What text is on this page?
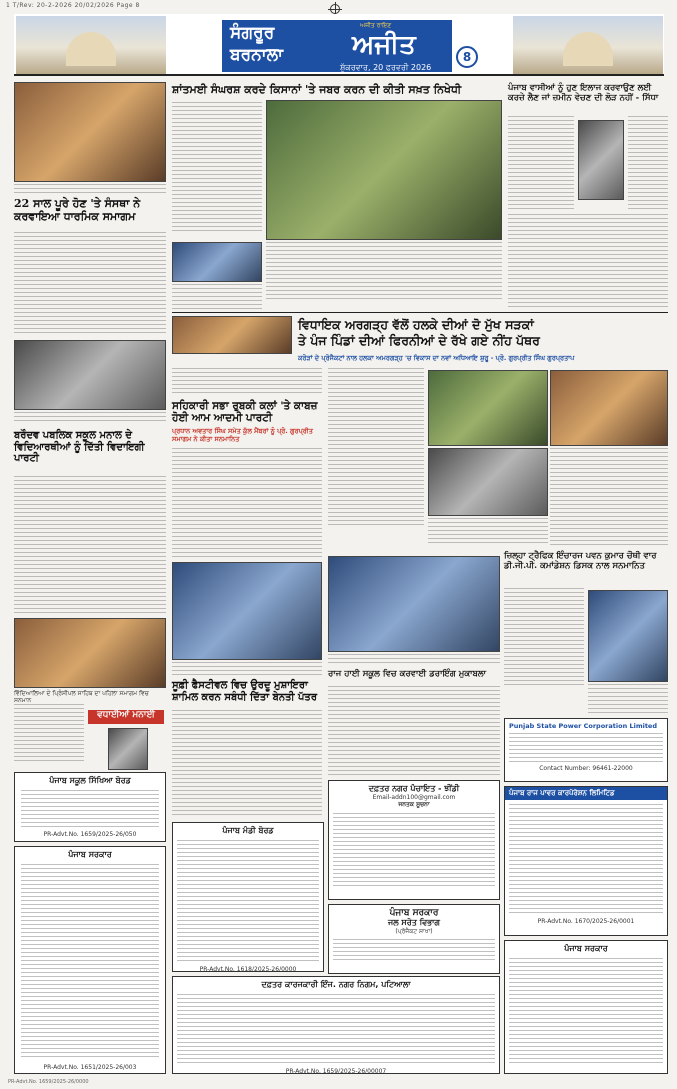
1 T/Rev: 20-2-2026 20/02/2026 Page 8
ਸੰਗਰੂਰ
ਬਰਨਾਲਾ
ਅਜੀਤ ਰਾਇਣ
ਅਜੀਤ
ਸ਼ੁੱਕਰਵਾਰ, 20 ਫਰਵਰੀ 2026
8
22 ਸਾਲ ਪੂਰੇ ਹੋਣ 'ਤੇ ਸੰਸਥਾ ਨੇ ਕਰਵਾਇਆ ਧਾਰਮਿਕ ਸਮਾਗਮ
ਬਰੌਦਵ ਪਬਲਿਕ ਸਕੂਲ ਮਨਾਲ ਦੇ ਵਿਦਿਆਰਥੀਆਂ ਨੂੰ ਦਿੱਤੀ ਵਿਦਾਇਗੀ ਪਾਰਟੀ
ਵਿੱਦਿਆਲਿਆ ਦੇ ਪ੍ਰਿੰਸੀਪਲ ਸਾਹਿਬ ਦਾ ਪਹਿਲਾ ਸਮਾਗਮ ਵਿਚ ਸਨਮਾਨ
ਵਧਾਈਆਂ ਮਨਾਈ
ਪੰਜਾਬ ਸਕੂਲ ਸਿੱਖਿਆ ਬੋਰਡ
PR-Advt.No. 1659/2025-26/050
ਪੰਜਾਬ ਸਰਕਾਰ
PR-Advt.No. 1651/2025-26/003
ਸ਼ਾਂਤਮਈ ਸੰਘਰਸ਼ ਕਰਦੇ ਕਿਸਾਨਾਂ 'ਤੇ ਜਬਰ ਕਰਨ ਦੀ ਕੀਤੀ ਸਖ਼ਤ ਨਿਖੇਧੀ	ਪੰਜਾਬ ਵਾਸੀਆਂ ਨੂੰ ਹੁਣ ਇਲਾਜ ਕਰਵਾਉਣ ਲਈ ਕਰਜ਼ੇ ਲੈਣ ਜਾਂ ਜ਼ਮੀਨ ਵੇਚਣ ਦੀ ਲੋੜ ਨਹੀਂ - ਸਿੱਧਾ
ਵਿਧਾਇਕ ਅਰਗੜ੍ਹ ਵੱਲੋਂ ਹਲਕੇ ਦੀਆਂ ਦੋ ਮੁੱਖ ਸੜਕਾਂ
ਤੇ ਪੰਜ ਪਿੰਡਾਂ ਦੀਆਂ ਫਿਰਨੀਆਂ ਦੇ ਰੱਖੇ ਗਏ ਨੀਂਹ ਪੱਥਰ
ਕਰੋੜਾਂ ਦੇ ਪ੍ਰੋਜੈਕਟਾਂ ਨਾਲ ਹਲਕਾ ਅਮਰਗੜ੍ਹ 'ਚ ਵਿਕਾਸ ਦਾ ਨਵਾਂ ਅਧਿਆਇ ਸ਼ੁਰੂ - ਪ੍ਰੋ. ਗੁਰਪ੍ਰੀਤ ਸਿੰਘ ਗੁਰਪ੍ਰਤਾਪ
ਸਹਿਕਾਰੀ ਸਭਾ ਰੁਬਕੀ ਕਲਾਂ 'ਤੇ ਕਾਬਜ਼ ਹੋਈ ਆਮ ਆਦਮੀ ਪਾਰਟੀ
ਪ੍ਰਧਾਨ ਅਵਤਾਰ ਸਿੰਘ ਸਮੇਤ ਕੁੱਲ ਮੈਂਬਰਾਂ ਨੂੰ ਪ੍ਰੋ. ਗੁਰਪ੍ਰੀਤ ਸਮਾਗਮ ਨੇ ਕੀਤਾ ਸਨਮਾਨਿਤ
ਸੂਫ਼ੀ ਫੈਸਟੀਵਲ ਵਿਚ ਉਰਦੂ ਮੁਸ਼ਾਇਰਾ ਸ਼ਾਮਿਲ ਕਰਨ ਸਬੰਧੀ ਦਿੱਤਾ ਬੇਨਤੀ ਪੱਤਰ
ਰਾਜ ਹਾਈ ਸਕੂਲ ਵਿਚ ਕਰਵਾਈ ਡਰਾਇੰਗ ਮੁਕਾਬਲਾ
ਜ਼ਿਲ੍ਹਾ ਟ੍ਰੈਫਿਕ ਇੰਚਾਰਜ ਪਵਨ ਕੁਮਾਰ ਚੌਥੀ ਵਾਰ ਡੀ.ਜੀ.ਪੀ. ਕਮਾਂਡੇਸ਼ਨ ਡਿਸਕ ਨਾਲ ਸਨਮਾਨਿਤ
Punjab State Power Corporation Limited
Contact Number: 96461-22000
ਪੰਜਾਬ ਰਾਜ ਪਾਵਰ ਕਾਰਪੋਰੇਸ਼ਨ ਲਿਮਿਟਿਡ
PR-Advt.No. 1670/2025-26/0001
ਪੰਜਾਬ ਸਰਕਾਰ
ਦਫ਼ਤਰ ਨਗਰ ਪੰਚਾਇਤ - ਝੀਂਡੀ
Email-addn100@gmail.com
ਜਨਤਕ ਸੂਚਨਾ
ਪੰਜਾਬ ਮੰਡੀ ਬੋਰਡ
PR-Advt.No. 1618/2025-26/0000
ਪੰਜਾਬ ਸਰਕਾਰ
ਜਲ ਸਰੋਤ ਵਿਭਾਗ
(ਪ੍ਰੋਜੈਕਟ ਸਾਖਾ)
ਦਫ਼ਤਰ ਕਾਰਜਕਾਰੀ ਇੰਜ. ਨਗਰ ਨਿਗਮ, ਪਟਿਆਲਾ
PR-Advt.No. 1659/2025-26/00007
PR-Advt.No. 1659/2025-26/0000
